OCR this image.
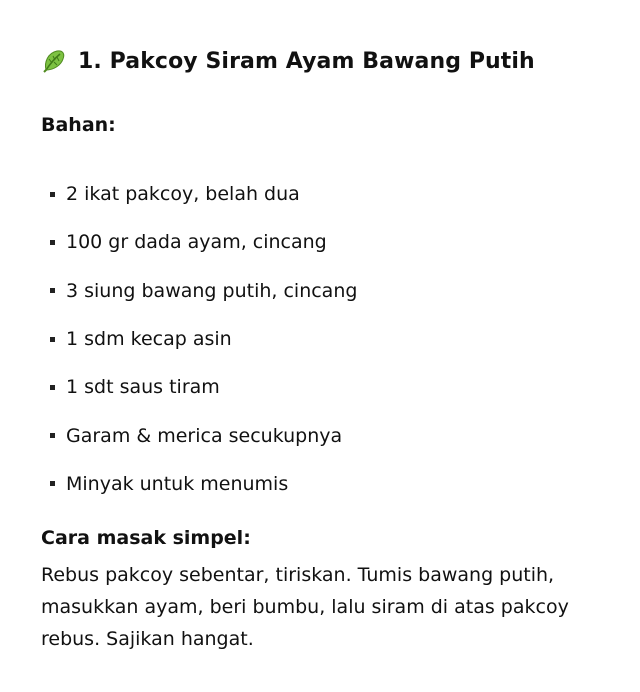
1. Pakcoy Siram Ayam Bawang Putih
Bahan:
2 ikat pakcoy, belah dua
100 gr dada ayam, cincang
3 siung bawang putih, cincang
1 sdm kecap asin
1 sdt saus tiram
Garam & merica secukupnya
Minyak untuk menumis
Cara masak simpel:

Rebus pakcoy sebentar, tiriskan. Tumis bawang putih, masukkan ayam, beri bumbu, lalu siram di atas pakcoy rebus. Sajikan hangat.
